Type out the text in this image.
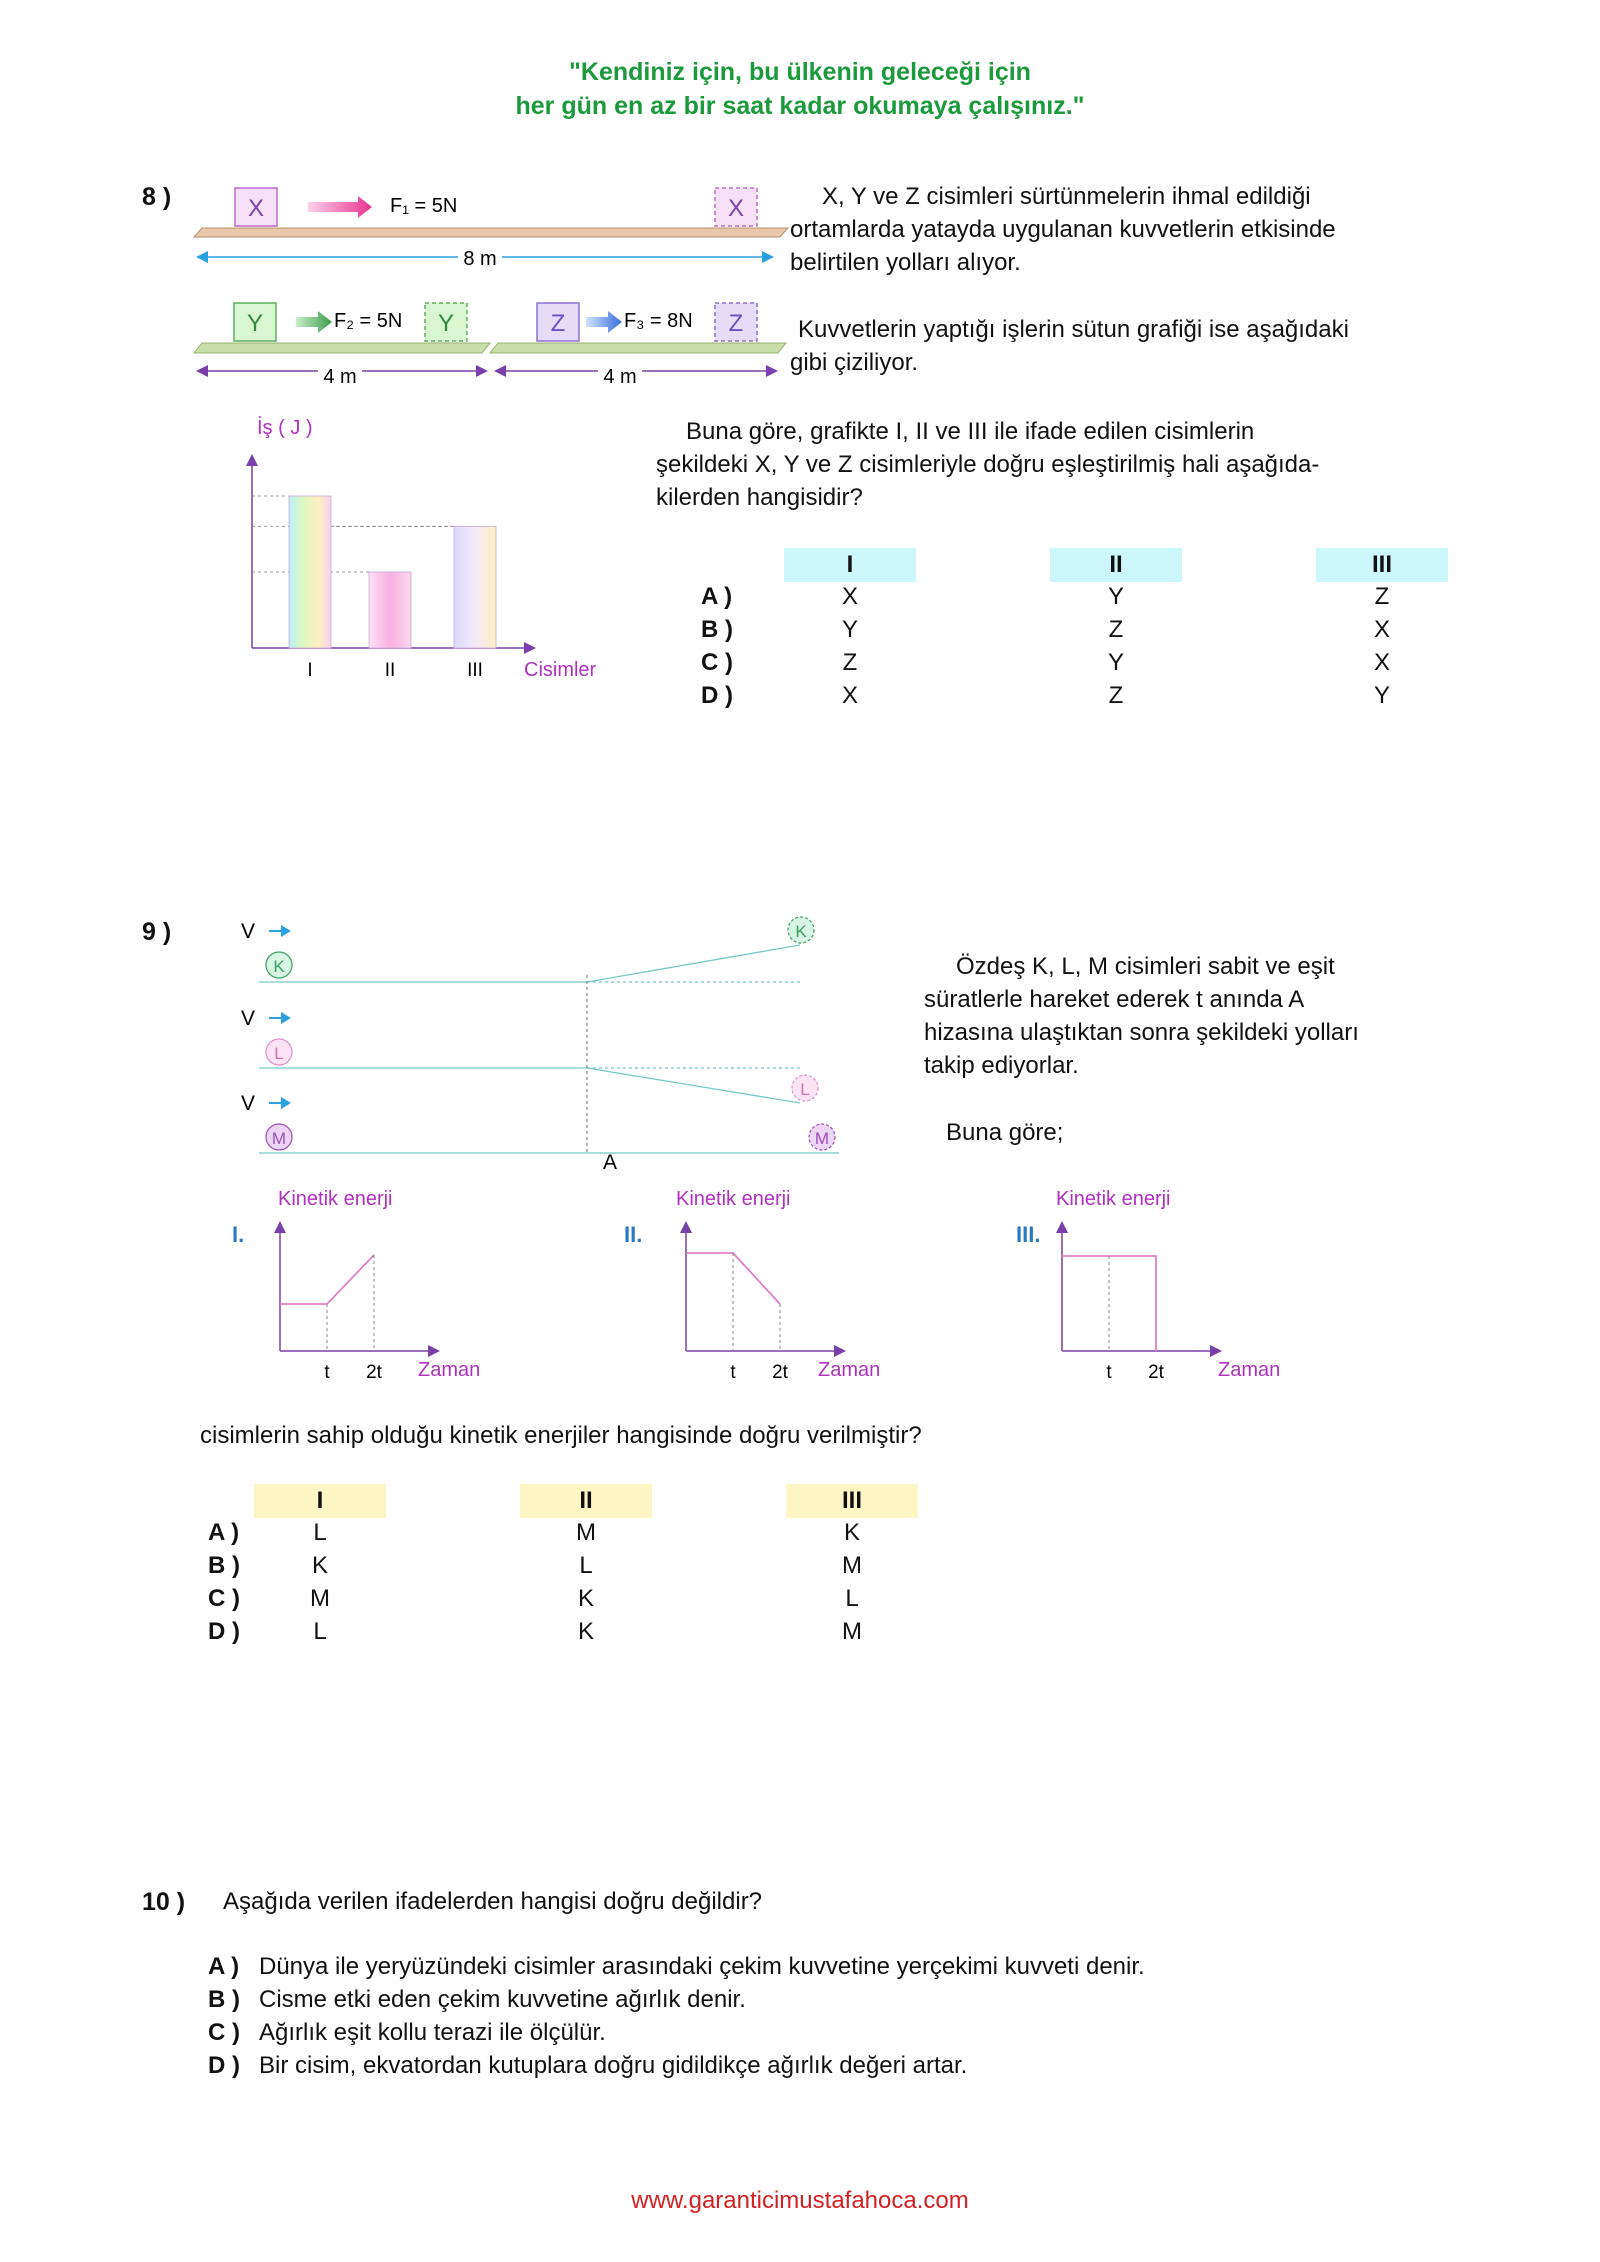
"Kendiniz için, bu ülkenin geleceği için
her gün en az bir saat kadar okumaya çalışınız."
8 )	X	X
F₁ = 5N
8 m
Y	F₂ = 5N Y	Z	F₃ = 8N Z
4 m	4 m
X, Y ve Z cisimleri sürtünmelerin ihmal edildiği
ortamlarda yatayda uygulanan kuvvetlerin etkisinde
belirtilen yolları alıyor.
Kuvvetlerin yaptığı işlerin sütun grafiği ise aşağıdaki
gibi çiziliyor.
İş ( J )
I	II	III Cisimler
Buna göre, grafikte I, II ve III ile ifade edilen cisimlerin
şekildeki X, Y ve Z cisimleriyle doğru eşleştirilmiş hali aşağıda-
kilerden hangisidir?
I	II	III
A )	X	Y	Z
B )	Y	Z	X
C )	Z	Y	X
D )	X	Z	Y
9 )	V
K
K
V
L
L
V
M	M
A
Özdeş K, L, M cisimleri sabit ve eşit
süratlerle hareket ederek t anında A
hizasına ulaştıktan sonra şekildeki yolları
takip ediyorlar.
Buna göre;
Kinetik enerji
I.
t 2t Zaman
Kinetik enerji
II.
t 2t Zaman
Kinetik enerji
III.
t 2t	Zaman
cisimlerin sahip olduğu kinetik enerjiler hangisinde doğru verilmiştir?
I	II	III
A )	L	M	K
B )	K	L	M
C )	M	K	L
D )	L	K	M
10 ) Aşağıda verilen ifadelerden hangisi doğru değildir?
A ) Dünya ile yeryüzündeki cisimler arasındaki çekim kuvvetine yerçekimi kuvveti denir.
B ) Cisme etki eden çekim kuvvetine ağırlık denir.
C ) Ağırlık eşit kollu terazi ile ölçülür.
D ) Bir cisim, ekvatordan kutuplara doğru gidildikçe ağırlık değeri artar.
www.garanticimustafahoca.com
